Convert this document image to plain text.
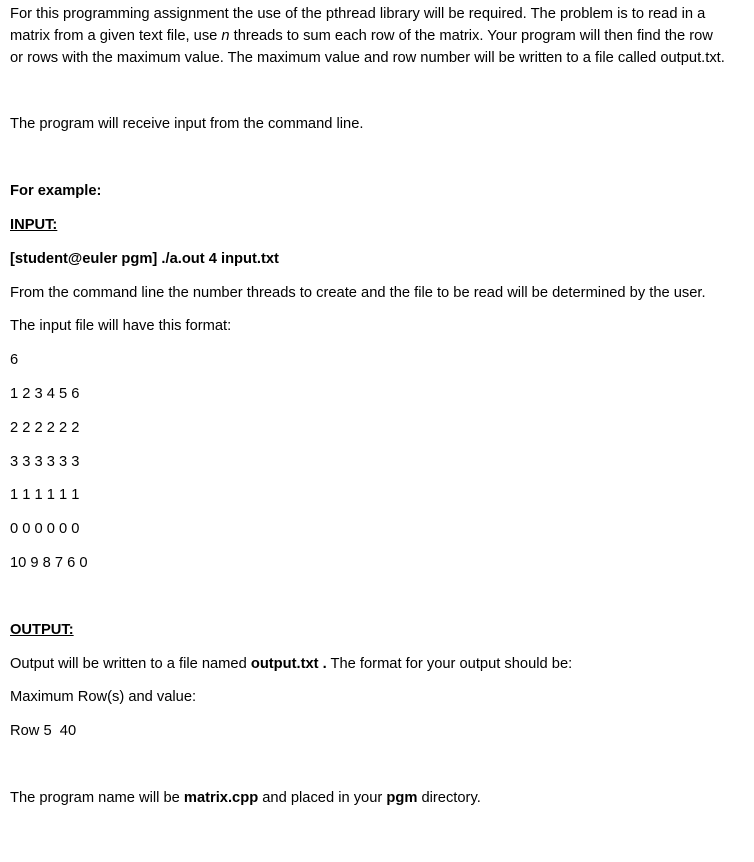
For this programming assignment the use of the pthread library will be required. The problem is to read in a matrix from a given text file, use n threads to sum each row of the matrix. Your program will then find the row or rows with the maximum value. The maximum value and row number will be written to a file called output.txt.

The program will receive input from the command line.

For example:

INPUT:

[student@euler pgm] ./a.out 4 input.txt

From the command line the number threads to create and the file to be read will be determined by the user.

The input file will have this format:

6

1 2 3 4 5 6

2 2 2 2 2 2

3 3 3 3 3 3

1 1 1 1 1 1

0 0 0 0 0 0

10 9 8 7 6 0

OUTPUT:

Output will be written to a file named output.txt . The format for your output should be:

Maximum Row(s) and value:

Row 5  40

The program name will be matrix.cpp and placed in your pgm directory.
